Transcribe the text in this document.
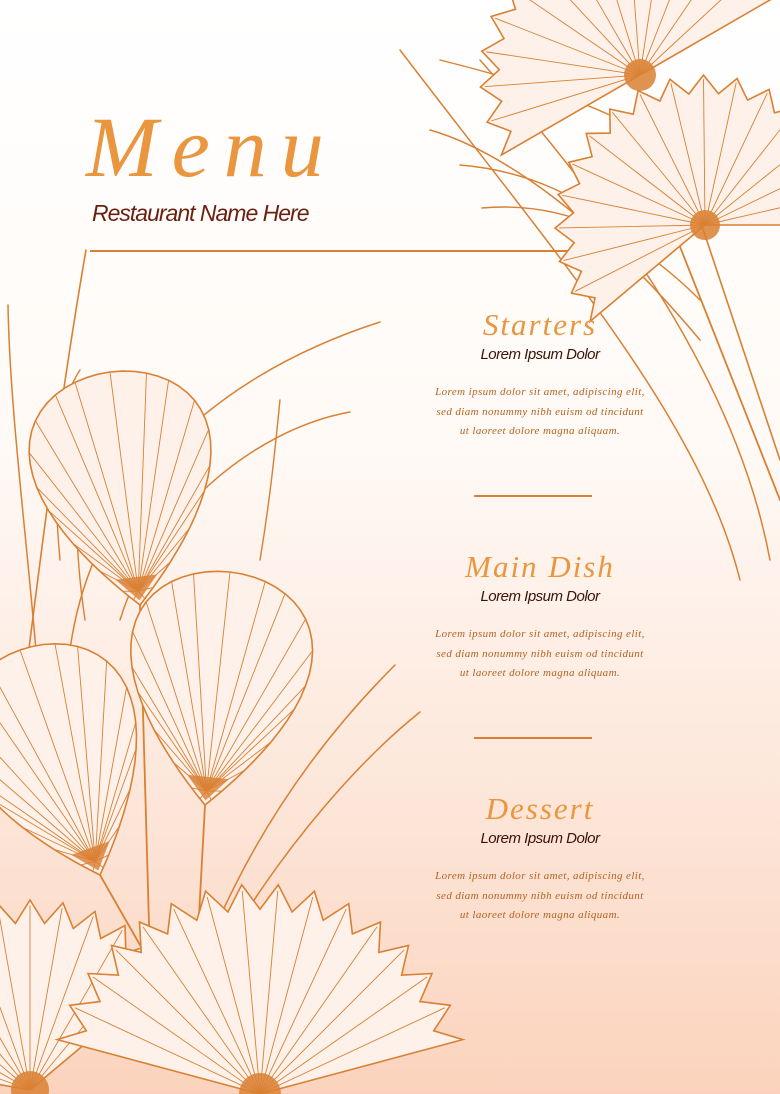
Menu
Restaurant Name Here
Starters
Lorem Ipsum Dolor
Lorem ipsum dolor sit amet, adipiscing elit,
sed diam nonummy nibh euism od tincidunt
ut laoreet dolore magna aliquam.
Main Dish
Lorem Ipsum Dolor
Lorem ipsum dolor sit amet, adipiscing elit,
sed diam nonummy nibh euism od tincidunt
ut laoreet dolore magna aliquam.
Dessert
Lorem Ipsum Dolor
Lorem ipsum dolor sit amet, adipiscing elit,
sed diam nonummy nibh euism od tincidunt
ut laoreet dolore magna aliquam.
